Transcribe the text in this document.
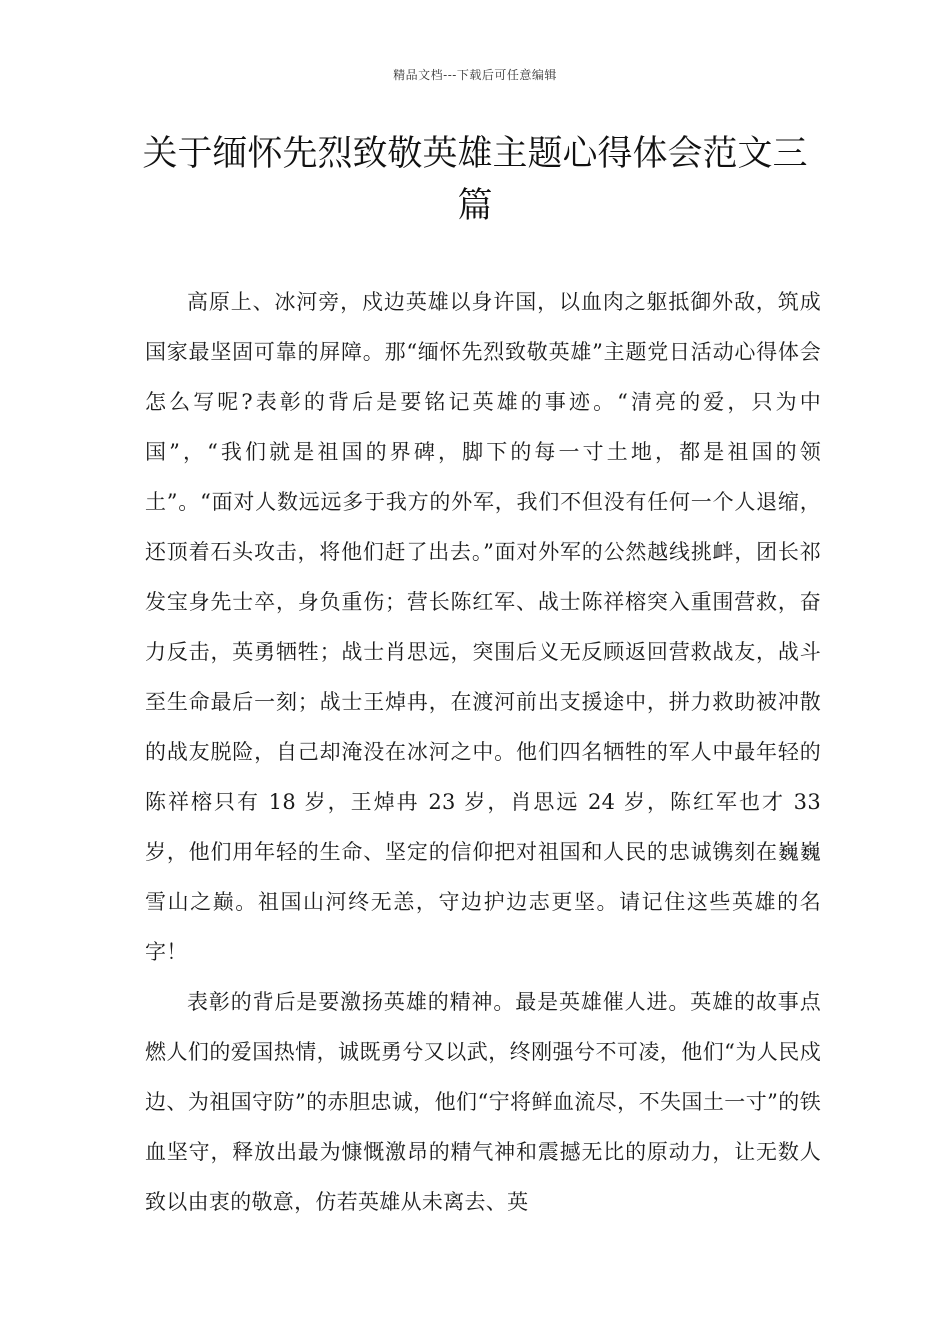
精品文档---下载后可任意编辑
关于缅怀先烈致敬英雄主题心得体会范文三篇

高原上、冰河旁，戍边英雄以身许国，以血肉之躯抵御外敌，筑成国家最坚固可靠的屏障。那“缅怀先烈致敬英雄”主题党日活动心得体会怎么写呢?表彰的背后是要铭记英雄的事迹。“清亮的爱，只为中国”，“我们就是祖国的界碑，脚下的每一寸土地，都是祖国的领土”。“面对人数远远多于我方的外军，我们不但没有任何一个人退缩，还顶着石头攻击，将他们赶了出去。”面对外军的公然越线挑衅，团长祁发宝身先士卒，身负重伤；营长陈红军、战士陈祥榕突入重围营救，奋力反击，英勇牺牲；战士肖思远，突围后义无反顾返回营救战友，战斗至生命最后一刻；战士王焯冉，在渡河前出支援途中，拼力救助被冲散的战友脱险，自己却淹没在冰河之中。他们四名牺牲的军人中最年轻的陈祥榕只有 18 岁，王焯冉 23 岁，肖思远 24 岁，陈红军也才 33 岁，他们用年轻的生命、坚定的信仰把对祖国和人民的忠诚镌刻在巍巍雪山之巅。祖国山河终无恙，守边护边志更坚。请记住这些英雄的名字！

表彰的背后是要激扬英雄的精神。最是英雄催人进。英雄的故事点燃人们的爱国热情，诚既勇兮又以武，终刚强兮不可凌，他们“为人民戍边、为祖国守防”的赤胆忠诚，他们“宁将鲜血流尽，不失国土一寸”的铁血坚守，释放出最为慷慨激昂的精气神和震撼无比的原动力，让无数人致以由衷的敬意，仿若英雄从未离去、英
